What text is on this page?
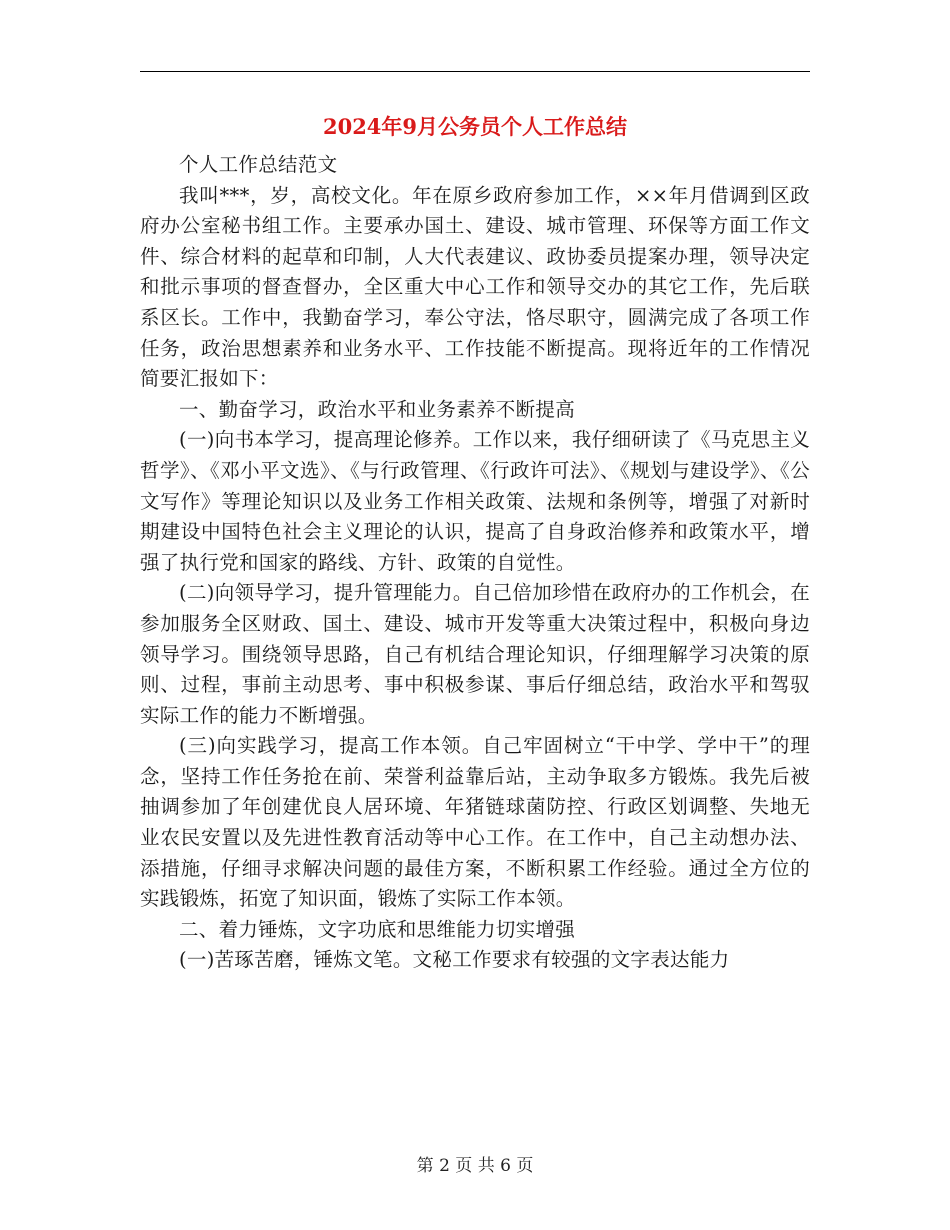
2024年9月公务员个人工作总结

个人工作总结范文

我叫***，岁，高校文化。年在原乡政府参加工作，××年月借调到区政府办公室秘书组工作。主要承办国土、建设、城市管理、环保等方面工作文件、综合材料的起草和印制，人大代表建议、政协委员提案办理，领导决定和批示事项的督查督办，全区重大中心工作和领导交办的其它工作，先后联系区长。工作中，我勤奋学习，奉公守法，恪尽职守，圆满完成了各项工作任务，政治思想素养和业务水平、工作技能不断提高。现将近年的工作情况简要汇报如下：

一、勤奋学习，政治水平和业务素养不断提高

(一)向书本学习，提高理论修养。工作以来，我仔细研读了《马克思主义哲学》、《邓小平文选》、《与行政管理、《行政许可法》、《规划与建设学》、《公文写作》等理论知识以及业务工作相关政策、法规和条例等，增强了对新时期建设中国特色社会主义理论的认识，提高了自身政治修养和政策水平，增强了执行党和国家的路线、方针、政策的自觉性。

(二)向领导学习，提升管理能力。自己倍加珍惜在政府办的工作机会，在参加服务全区财政、国土、建设、城市开发等重大决策过程中，积极向身边领导学习。围绕领导思路，自己有机结合理论知识，仔细理解学习决策的原则、过程，事前主动思考、事中积极参谋、事后仔细总结，政治水平和驾驭实际工作的能力不断增强。

(三)向实践学习，提高工作本领。自己牢固树立“干中学、学中干”的理念，坚持工作任务抢在前、荣誉利益靠后站，主动争取多方锻炼。我先后被抽调参加了年创建优良人居环境、年猪链球菌防控、行政区划调整、失地无业农民安置以及先进性教育活动等中心工作。在工作中，自己主动想办法、添措施，仔细寻求解决问题的最佳方案，不断积累工作经验。通过全方位的实践锻炼，拓宽了知识面，锻炼了实际工作本领。

二、着力锤炼，文字功底和思维能力切实增强

(一)苦琢苦磨，锤炼文笔。文秘工作要求有较强的文字表达能力

第 2 页 共 6 页
